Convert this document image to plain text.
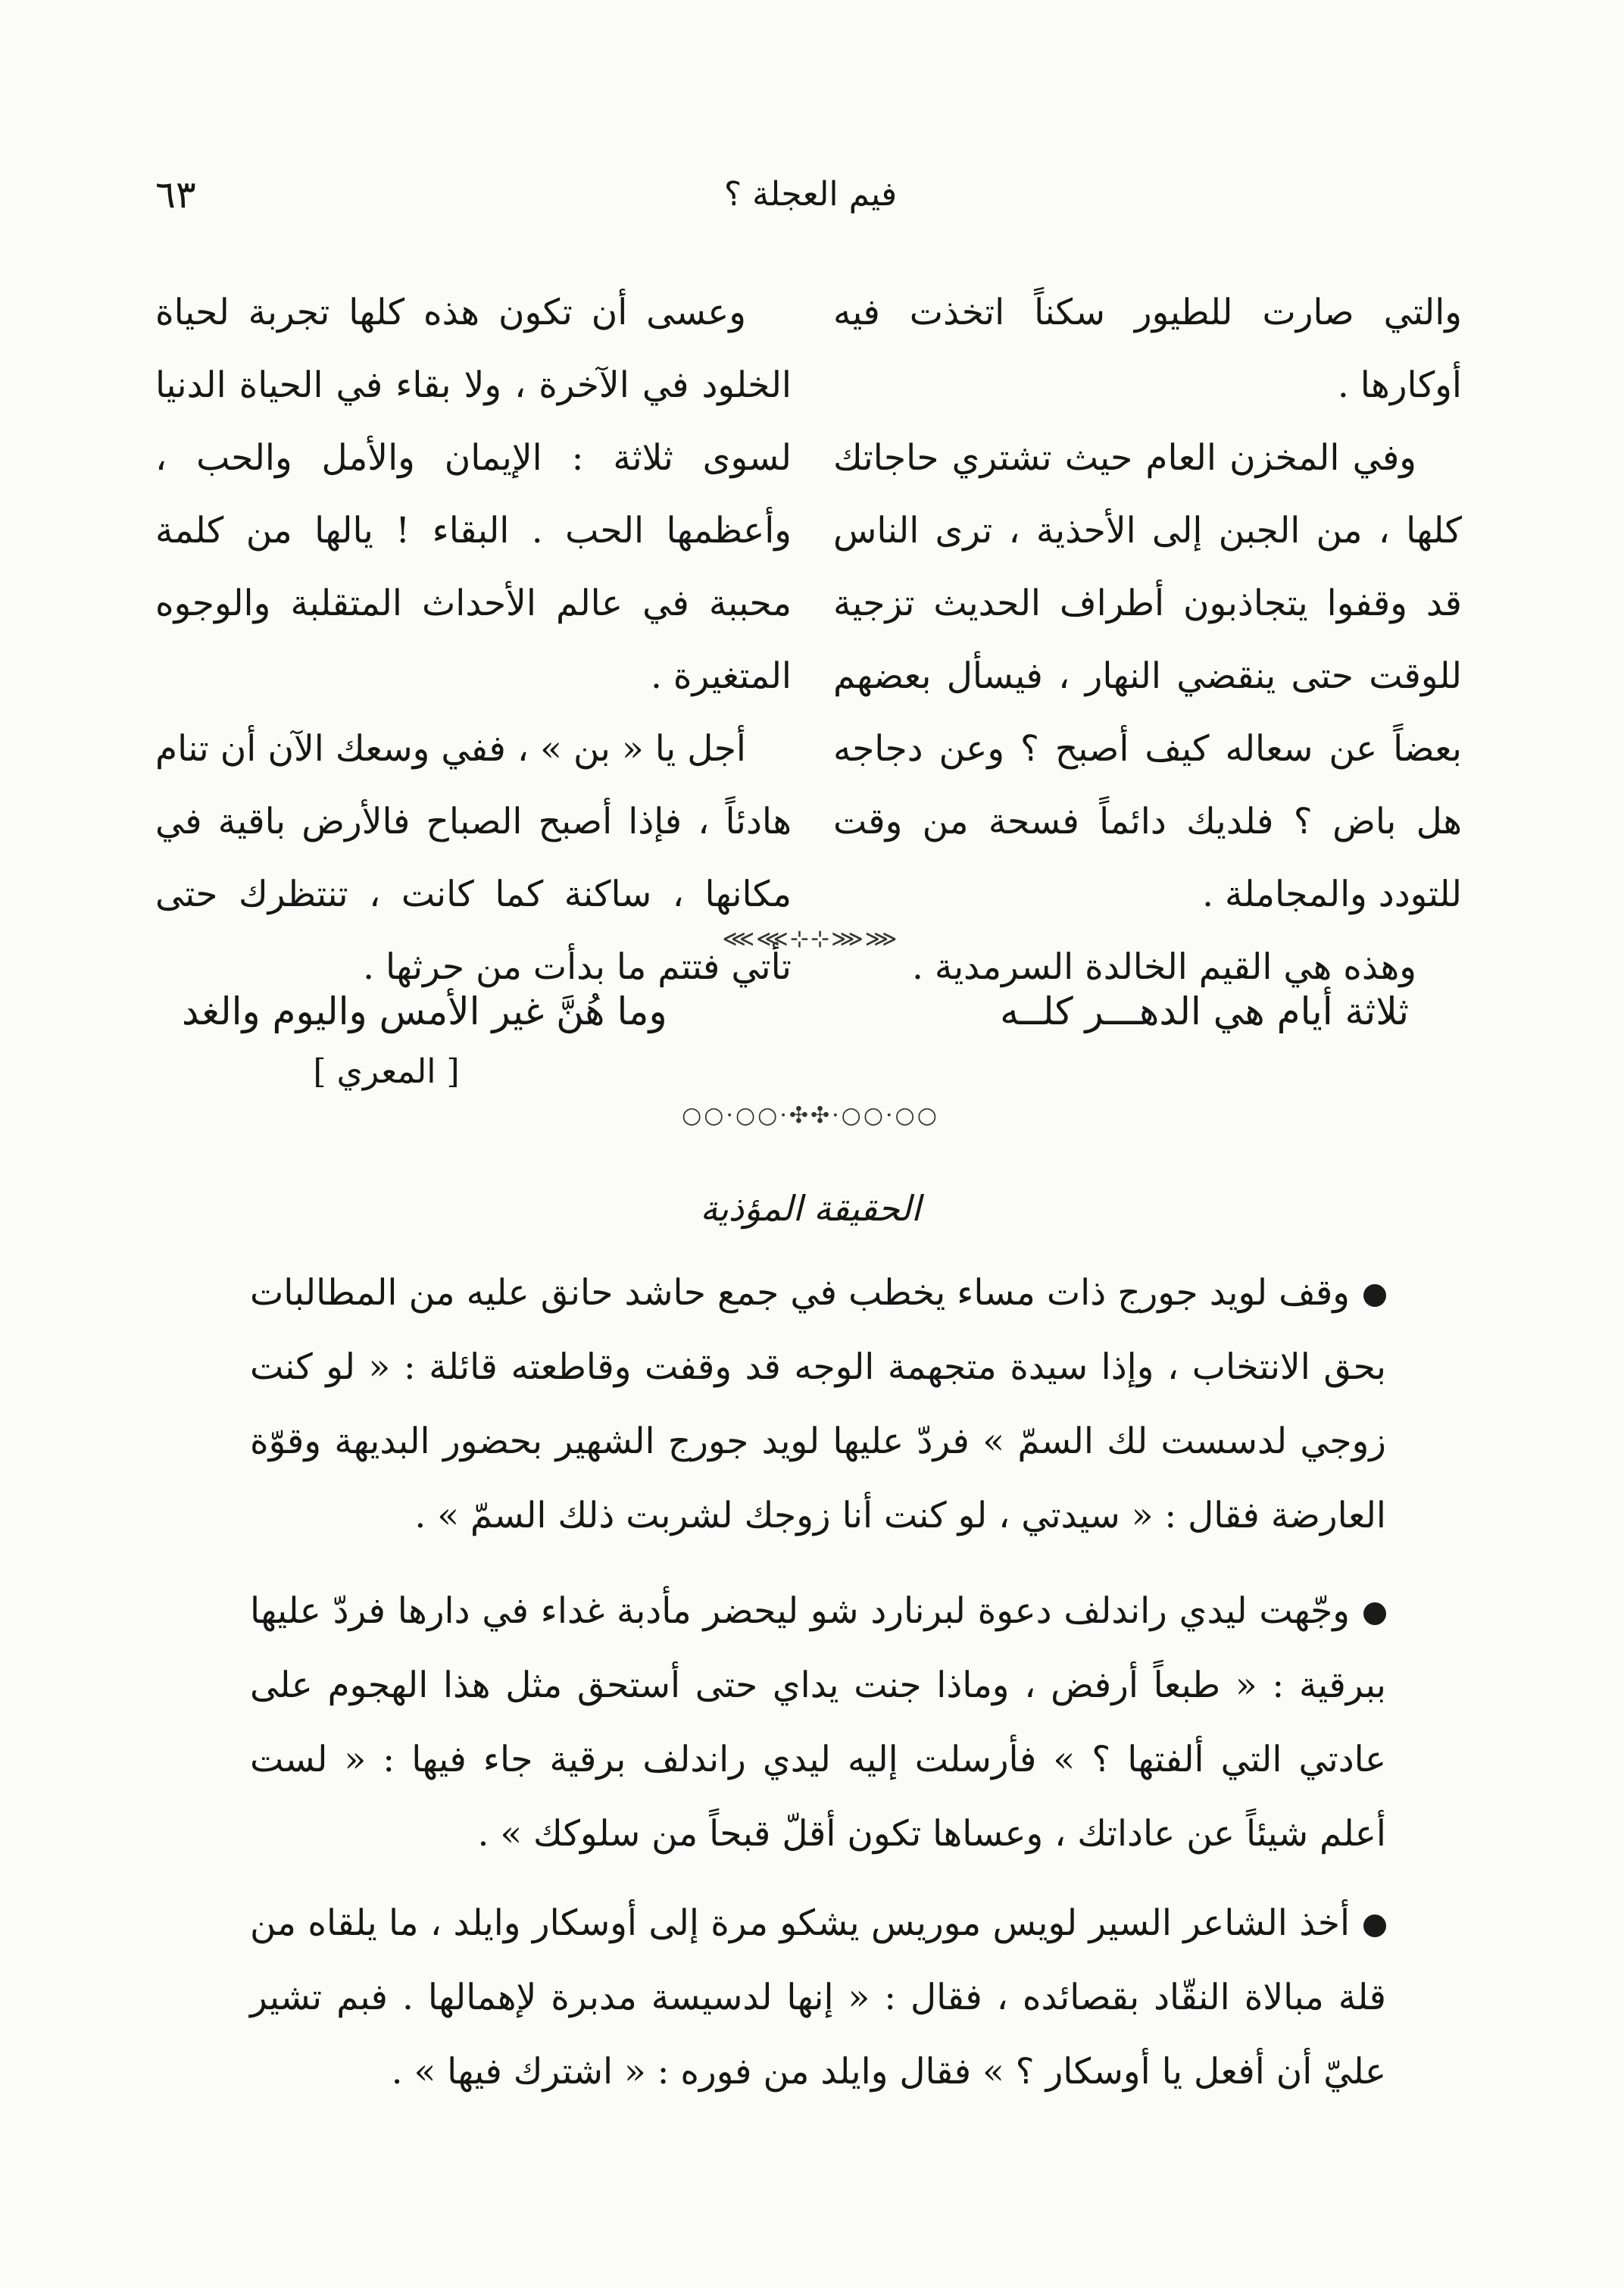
فيم العجلة ؟
٦٣

والتي صارت للطيور سكناً اتخذت فيه أوكارها .

وفي المخزن العام حيث تشتري حاجاتك كلها ، من الجبن إلى الأحذية ، ترى الناس قد وقفوا يتجاذبون أطراف الحديث تزجية للوقت حتى ينقضي النهار ، فيسأل بعضهم بعضاً عن سعاله كيف أصبح ؟ وعن دجاجه هل باض ؟ فلديك دائماً فسحة من وقت للتودد والمجاملة .

وهذه هي القيم الخالدة السرمدية .

وعسى أن تكون هذه كلها تجربة لحياة الخلود في الآخرة ، ولا بقاء في الحياة الدنيا لسوى ثلاثة : الإيمان والأمل والحب ، وأعظمها الحب . البقاء ! يالها من كلمة محببة في عالم الأحداث المتقلبة والوجوه المتغيرة .

أجل يا « بن » ، ففي وسعك الآن أن تنام هادئاً ، فإذا أصبح الصباح فالأرض باقية في مكانها ، ساكنة كما كانت ، تنتظرك حتى تأتي فتتم ما بدأت من حرثها .

⋘⋘⊹⊹⋙⋙
ثلاثة أيام هي الدهـــر كلــه
وما هُنَّ غير الأمس واليوم والغد
[ المعري ]
○○·○○·✣✣·○○·○○
الحقيقة المؤذية

وقف لويد جورج ذات مساء يخطب في جمع حاشد حانق عليه من المطالبات بحق الانتخاب ، وإذا سيدة متجهمة الوجه قد وقفت وقاطعته قائلة : « لو كنت زوجي لدسست لك السمّ » فردّ عليها لويد جورج الشهير بحضور البديهة وقوّة العارضة فقال : « سيدتي ، لو كنت أنا زوجك لشربت ذلك السمّ » .

وجّهت ليدي راندلف دعوة لبرنارد شو ليحضر مأدبة غداء في دارها فردّ عليها ببرقية : « طبعاً أرفض ، وماذا جنت يداي حتى أستحق مثل هذا الهجوم على عادتي التي ألفتها ؟ » فأرسلت إليه ليدي راندلف برقية جاء فيها : « لست أعلم شيئاً عن عاداتك ، وعساها تكون أقلّ قبحاً من سلوكك » .

أخذ الشاعر السير لويس موريس يشكو مرة إلى أوسكار وايلد ، ما يلقاه من قلة مبالاة النقّاد بقصائده ، فقال : « إنها لدسيسة مدبرة لإهمالها . فبم تشير عليّ أن أفعل يا أوسكار ؟ » فقال وايلد من فوره : « اشترك فيها » .
